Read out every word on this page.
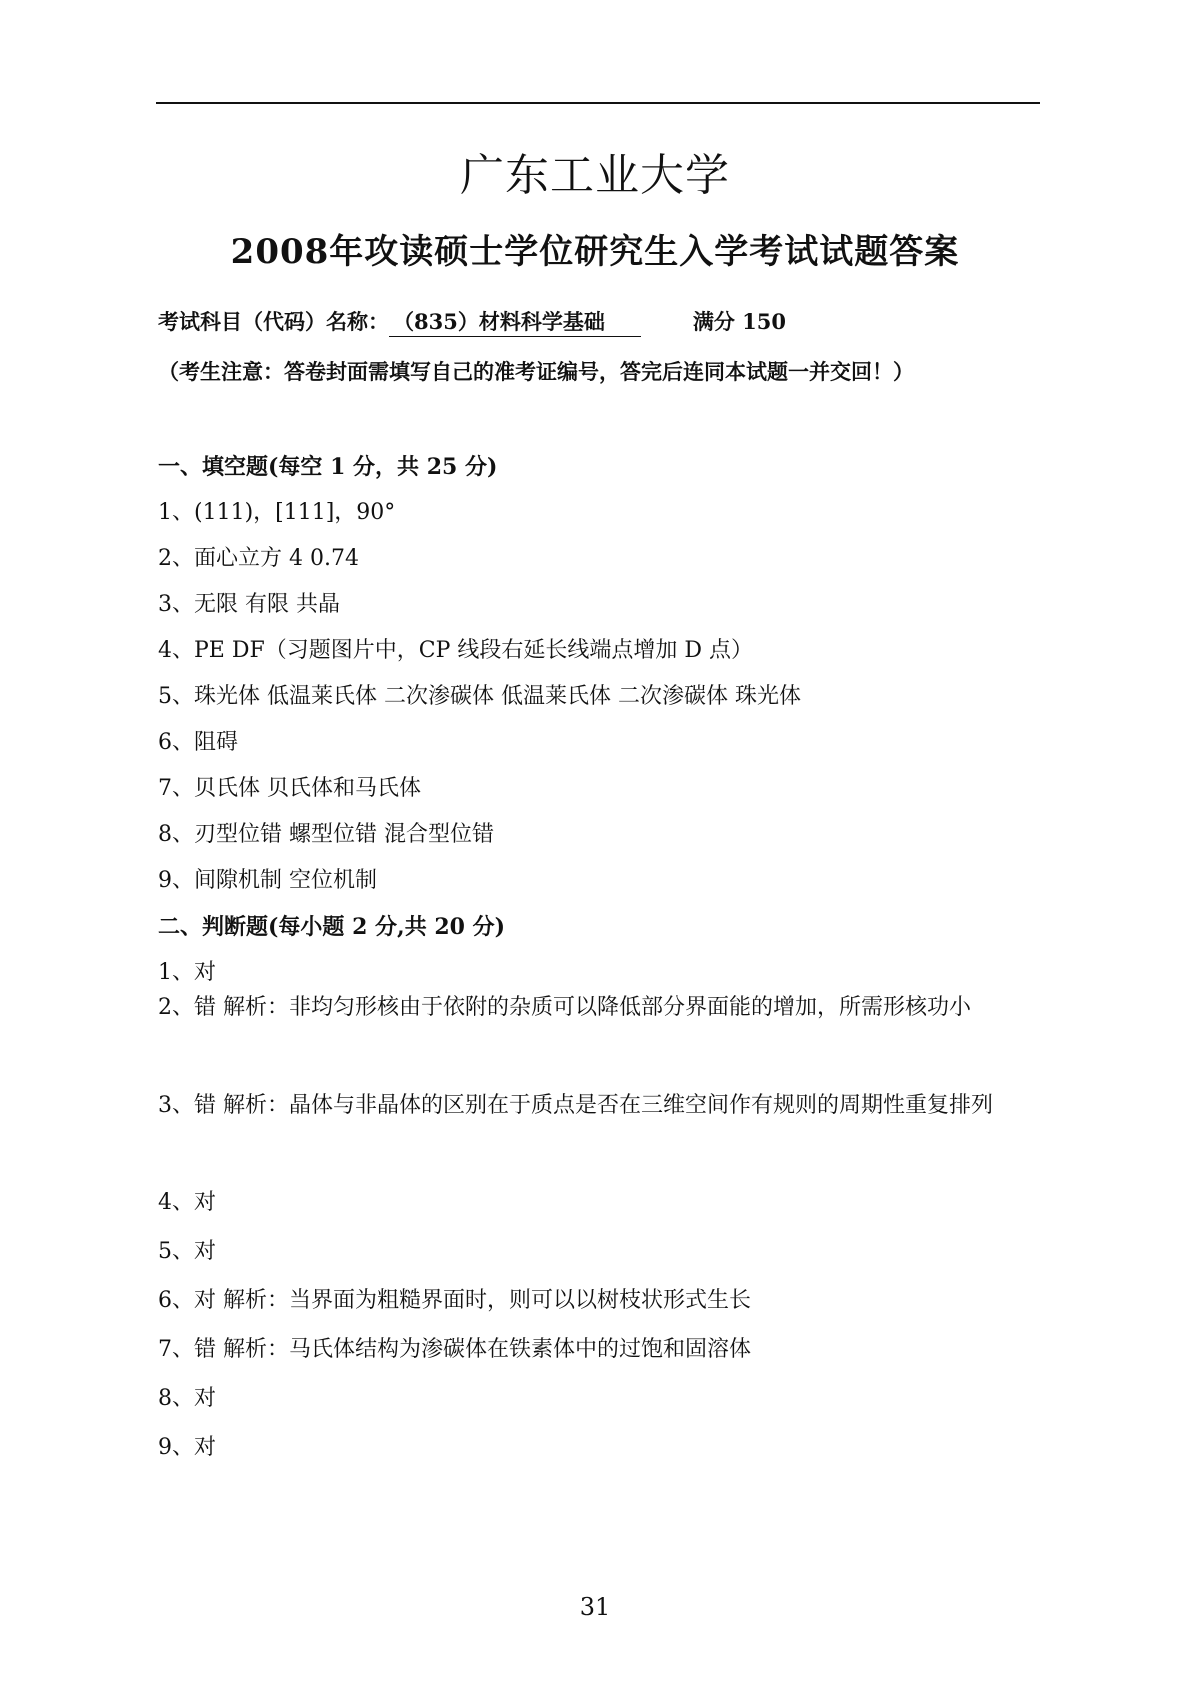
广东工业大学
2008年攻读硕士学位研究生入学考试试题答案
考试科目（代码）名称： （835）材料科学基础	满分 150
（考生注意：答卷封面需填写自己的准考证编号，答完后连同本试题一并交回！）
一、填空题(每空 1 分，共 25 分)
1、(111)，[111]，90°
2、面心立方 4 0.74
3、无限 有限 共晶
4、PE DF（习题图片中，CP 线段右延长线端点增加 D 点）
5、珠光体 低温莱氏体 二次渗碳体 低温莱氏体 二次渗碳体 珠光体
6、阻碍
7、贝氏体 贝氏体和马氏体
8、刃型位错 螺型位错 混合型位错
9、间隙机制 空位机制
二、判断题(每小题 2 分,共 20 分)
1、对
2、错 解析：非均匀形核由于依附的杂质可以降低部分界面能的增加，所需形核功小
3、错 解析：晶体与非晶体的区别在于质点是否在三维空间作有规则的周期性重复排列
4、对
5、对
6、对 解析：当界面为粗糙界面时，则可以以树枝状形式生长
7、错 解析：马氏体结构为渗碳体在铁素体中的过饱和固溶体
8、对
9、对
31
